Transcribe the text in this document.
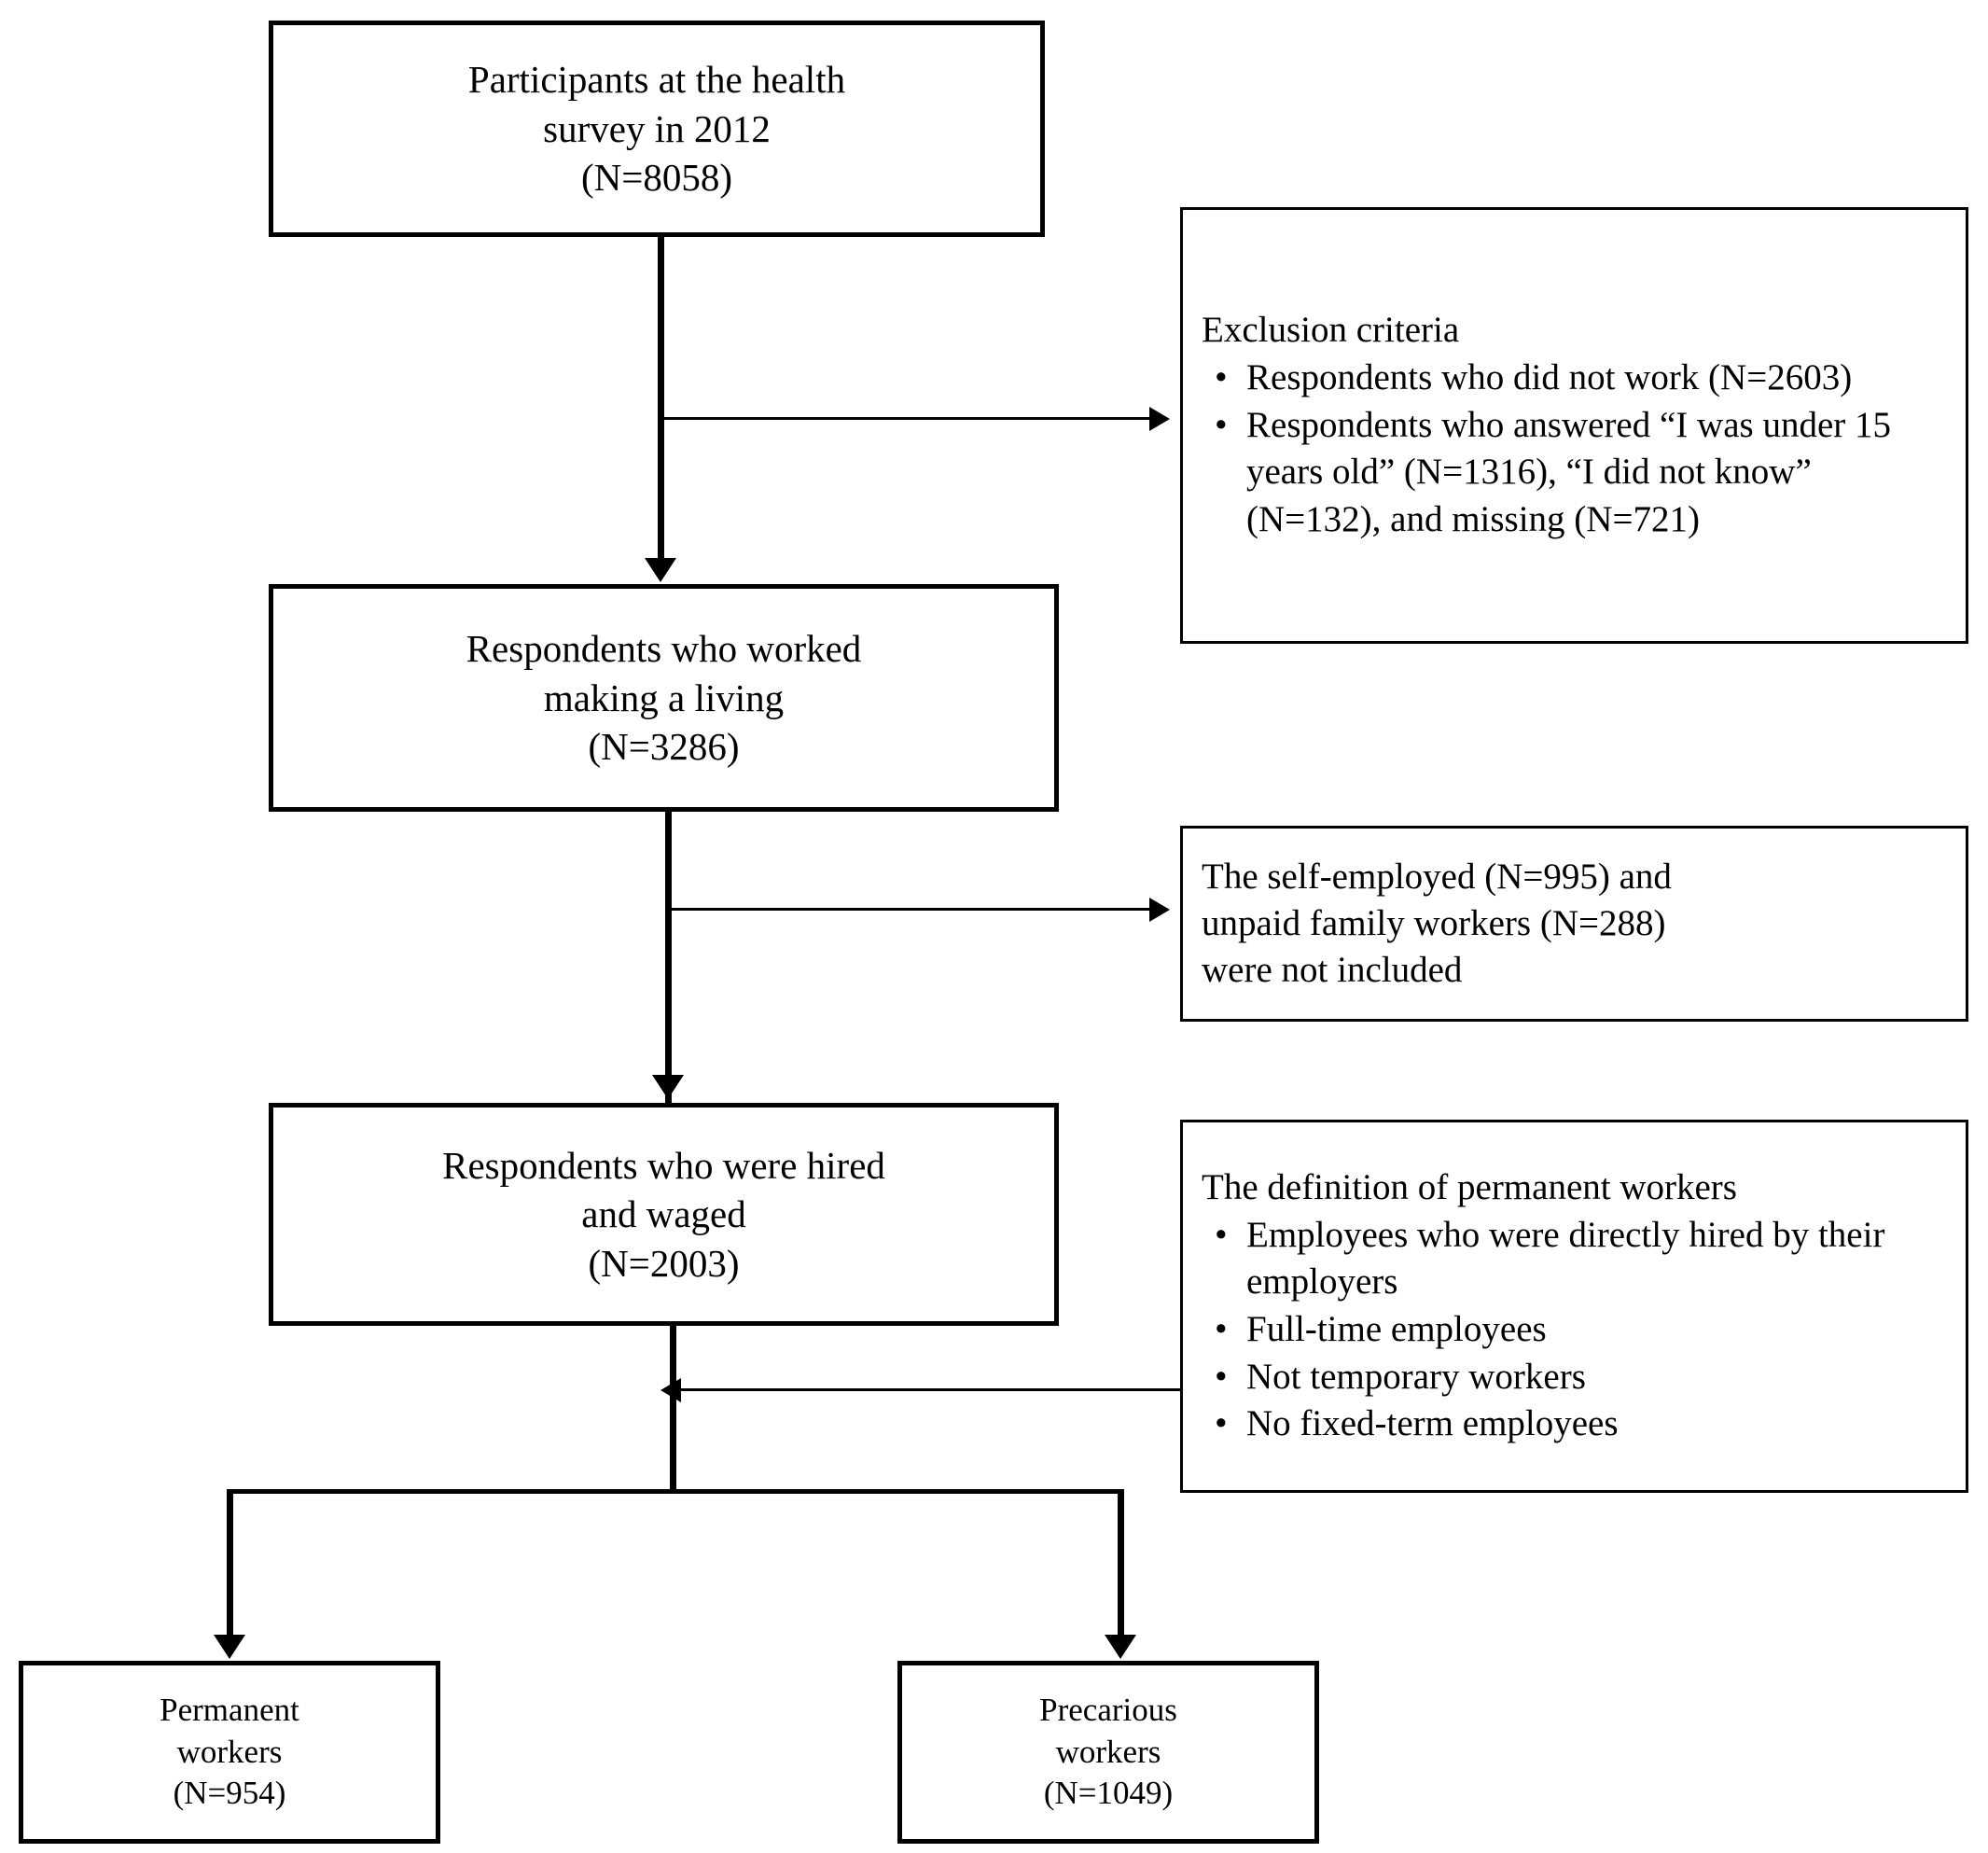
Participants at the health
survey in 2012
(N=8058)
Exclusion criteria
• Respondents who did not work (N=2603)
• Respondents who answered “I was under 15 years old” (N=1316), “I did not know” (N=132), and missing (N=721)
Respondents who worked
making a living
(N=3286)
The self-employed (N=995) and
unpaid family workers (N=288)
were not included
Respondents who were hired
and waged
(N=2003)
The definition of permanent workers
• Employees who were directly hired by their employers
• Full-time employees
• Not temporary workers
• No fixed-term employees
Permanent
workers
(N=954)
Precarious
workers
(N=1049)
